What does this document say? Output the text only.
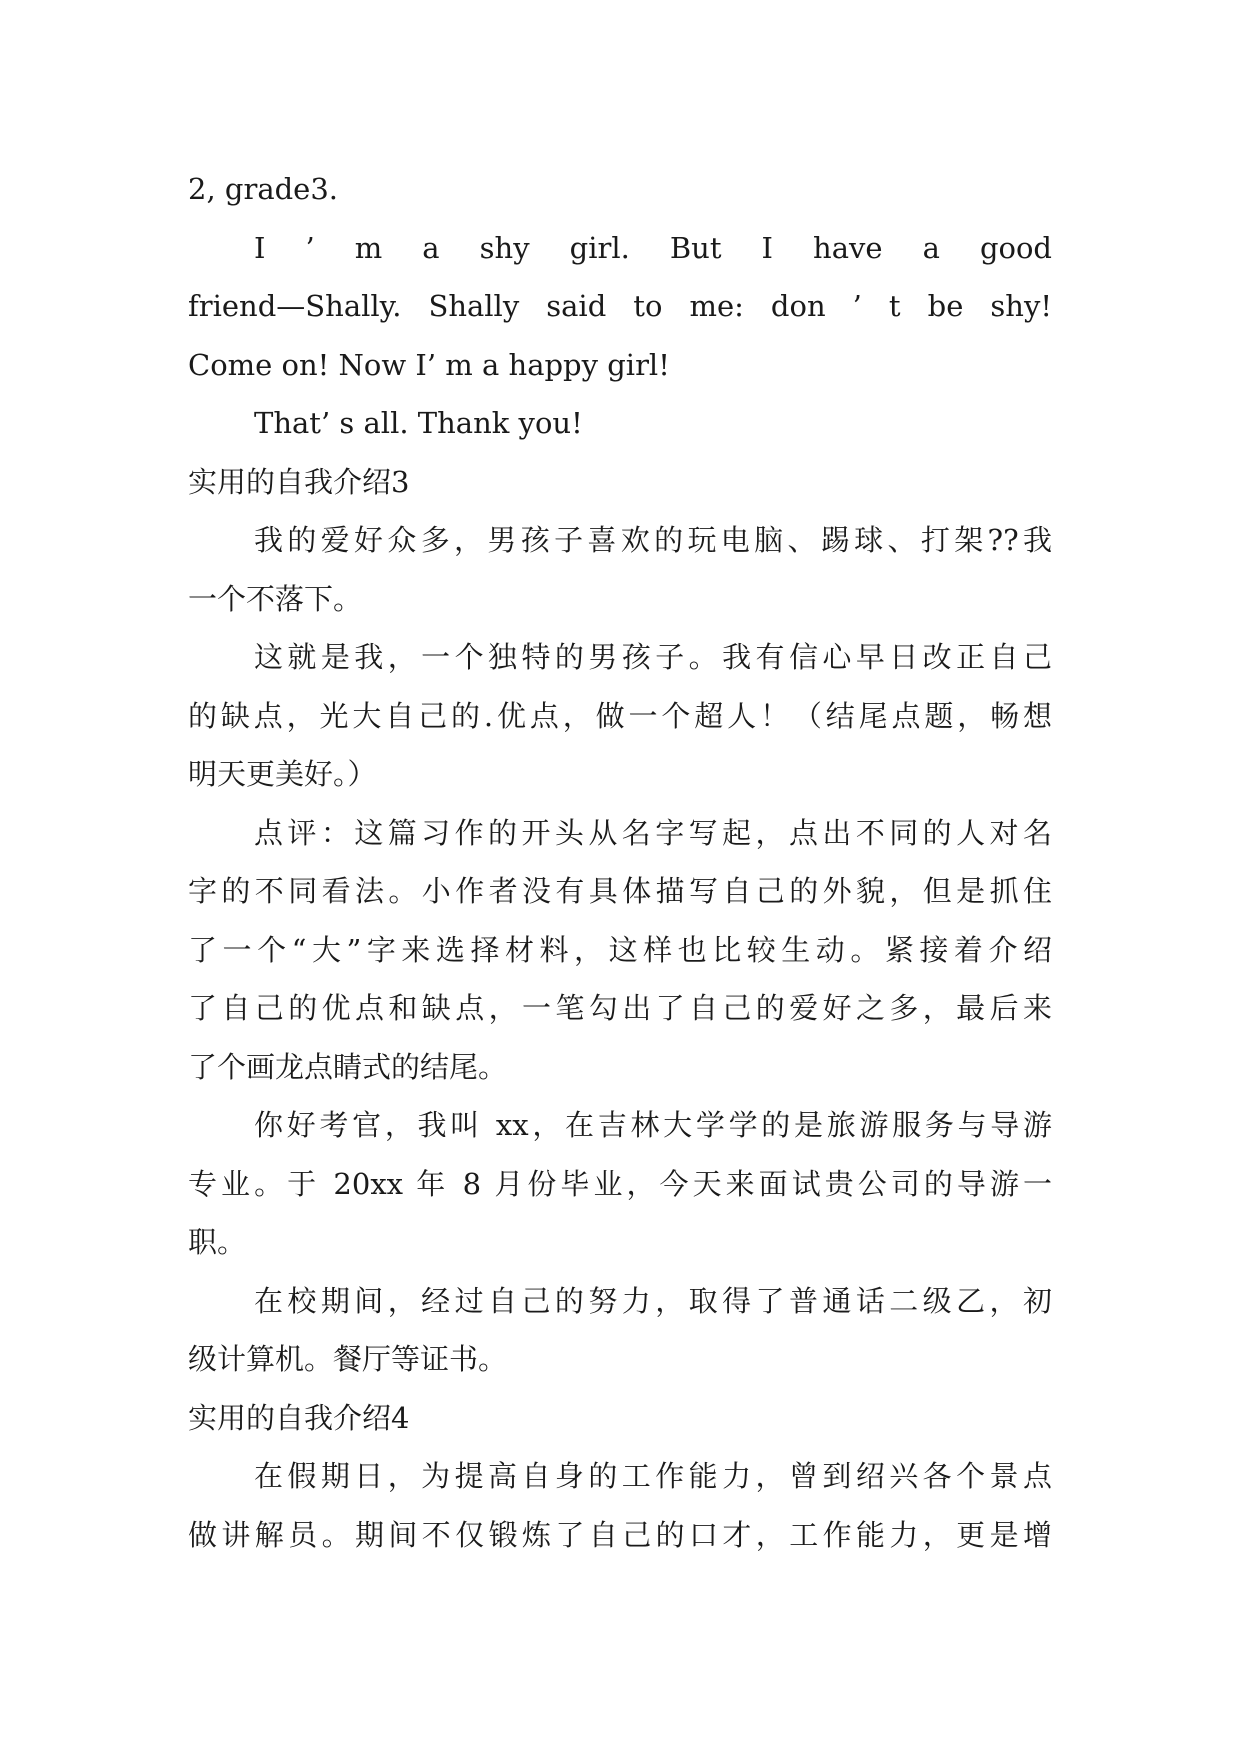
2, grade3.
I ’ m a shy girl. But I have a good
friend—Shally. Shally said to me: don ’ t be shy!
Come on! Now I’ m a happy girl!
That’ s all. Thank you!
实用的自我介绍3
我的爱好众多，男孩子喜欢的玩电脑、踢球、打架??我
一个不落下。
这就是我，一个独特的男孩子。我有信心早日改正自己
的缺点，光大自己的.优点，做一个超人！（结尾点题，畅想
明天更美好。）
点评：这篇习作的开头从名字写起，点出不同的人对名
字的不同看法。小作者没有具体描写自己的外貌，但是抓住
了一个“大”字来选择材料，这样也比较生动。紧接着介绍
了自己的优点和缺点，一笔勾出了自己的爱好之多，最后来
了个画龙点睛式的结尾。
你好考官，我叫 xx，在吉林大学学的是旅游服务与导游
专业。于 20xx 年 8 月份毕业，今天来面试贵公司的导游一
职。
在校期间，经过自己的努力，取得了普通话二级乙，初
级计算机。餐厅等证书。
实用的自我介绍4
在假期日，为提高自身的工作能力，曾到绍兴各个景点
做讲解员。期间不仅锻炼了自己的口才，工作能力，更是增
